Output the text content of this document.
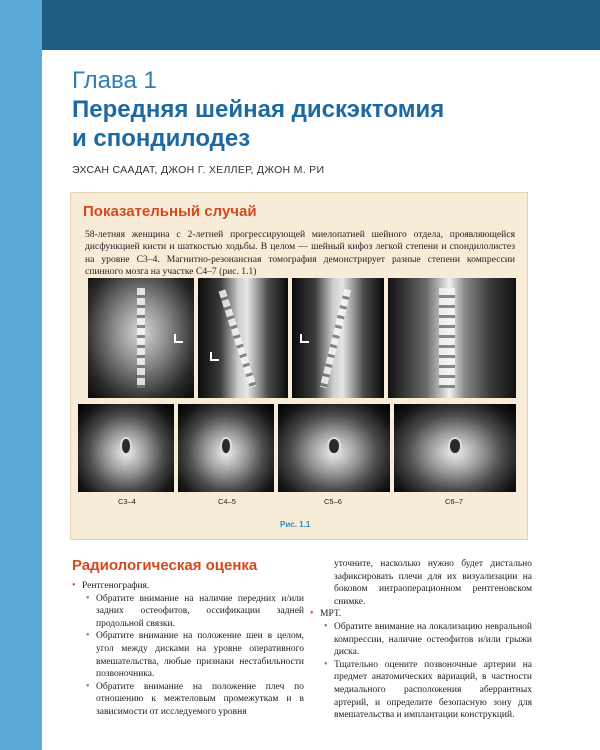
Глава 1
Передняя шейная дискэктомия
и спондилодез
ЭХСАН СААДАТ, ДЖОН Г. ХЕЛЛЕР, ДЖОН М. РИ
Показательный случай
58-летняя женщина с 2-летней прогрессирующей миелопатией шейного отдела, проявляющейся дисфункцией кисти и шаткостью ходьбы. В целом — шейный кифоз легкой степени и спондилолистез на уровне C3–4. Магнитно-резонансная томография демонстрирует разные степени компрессии спинного мозга на участке C4–7 (рис. 1.1)
C3–4	C4–5	C5–6	C6–7
Рис. 1.1
Радиологическая оценка
• Рентгенография.
• Обратите внимание на наличие передних и/или задних остеофитов, оссификации задней продольной связки.
• Обратите внимание на положение шеи в целом, угол между дисками на уровне оперативного вмешательства, любые признаки нестабильности позвоночника.
• Обратите внимание на положение плеч по отношению к межтеловым промежуткам и в зависимости от исследуемого уровня
уточните, насколько нужно будет дистально зафиксировать плечи для их визуализации на боковом интраоперационном рентгеновском снимке.
• МРТ.
• Обратите внимание на локализацию невральной компрессии, наличие остеофитов и/или грыжи диска.
• Тщательно оцените позвоночные артерии на предмет анатомических вариаций, в частности медиального расположения аберрантных артерий, и определите безопасную зону для вмешательства и имплантации конструкций.
